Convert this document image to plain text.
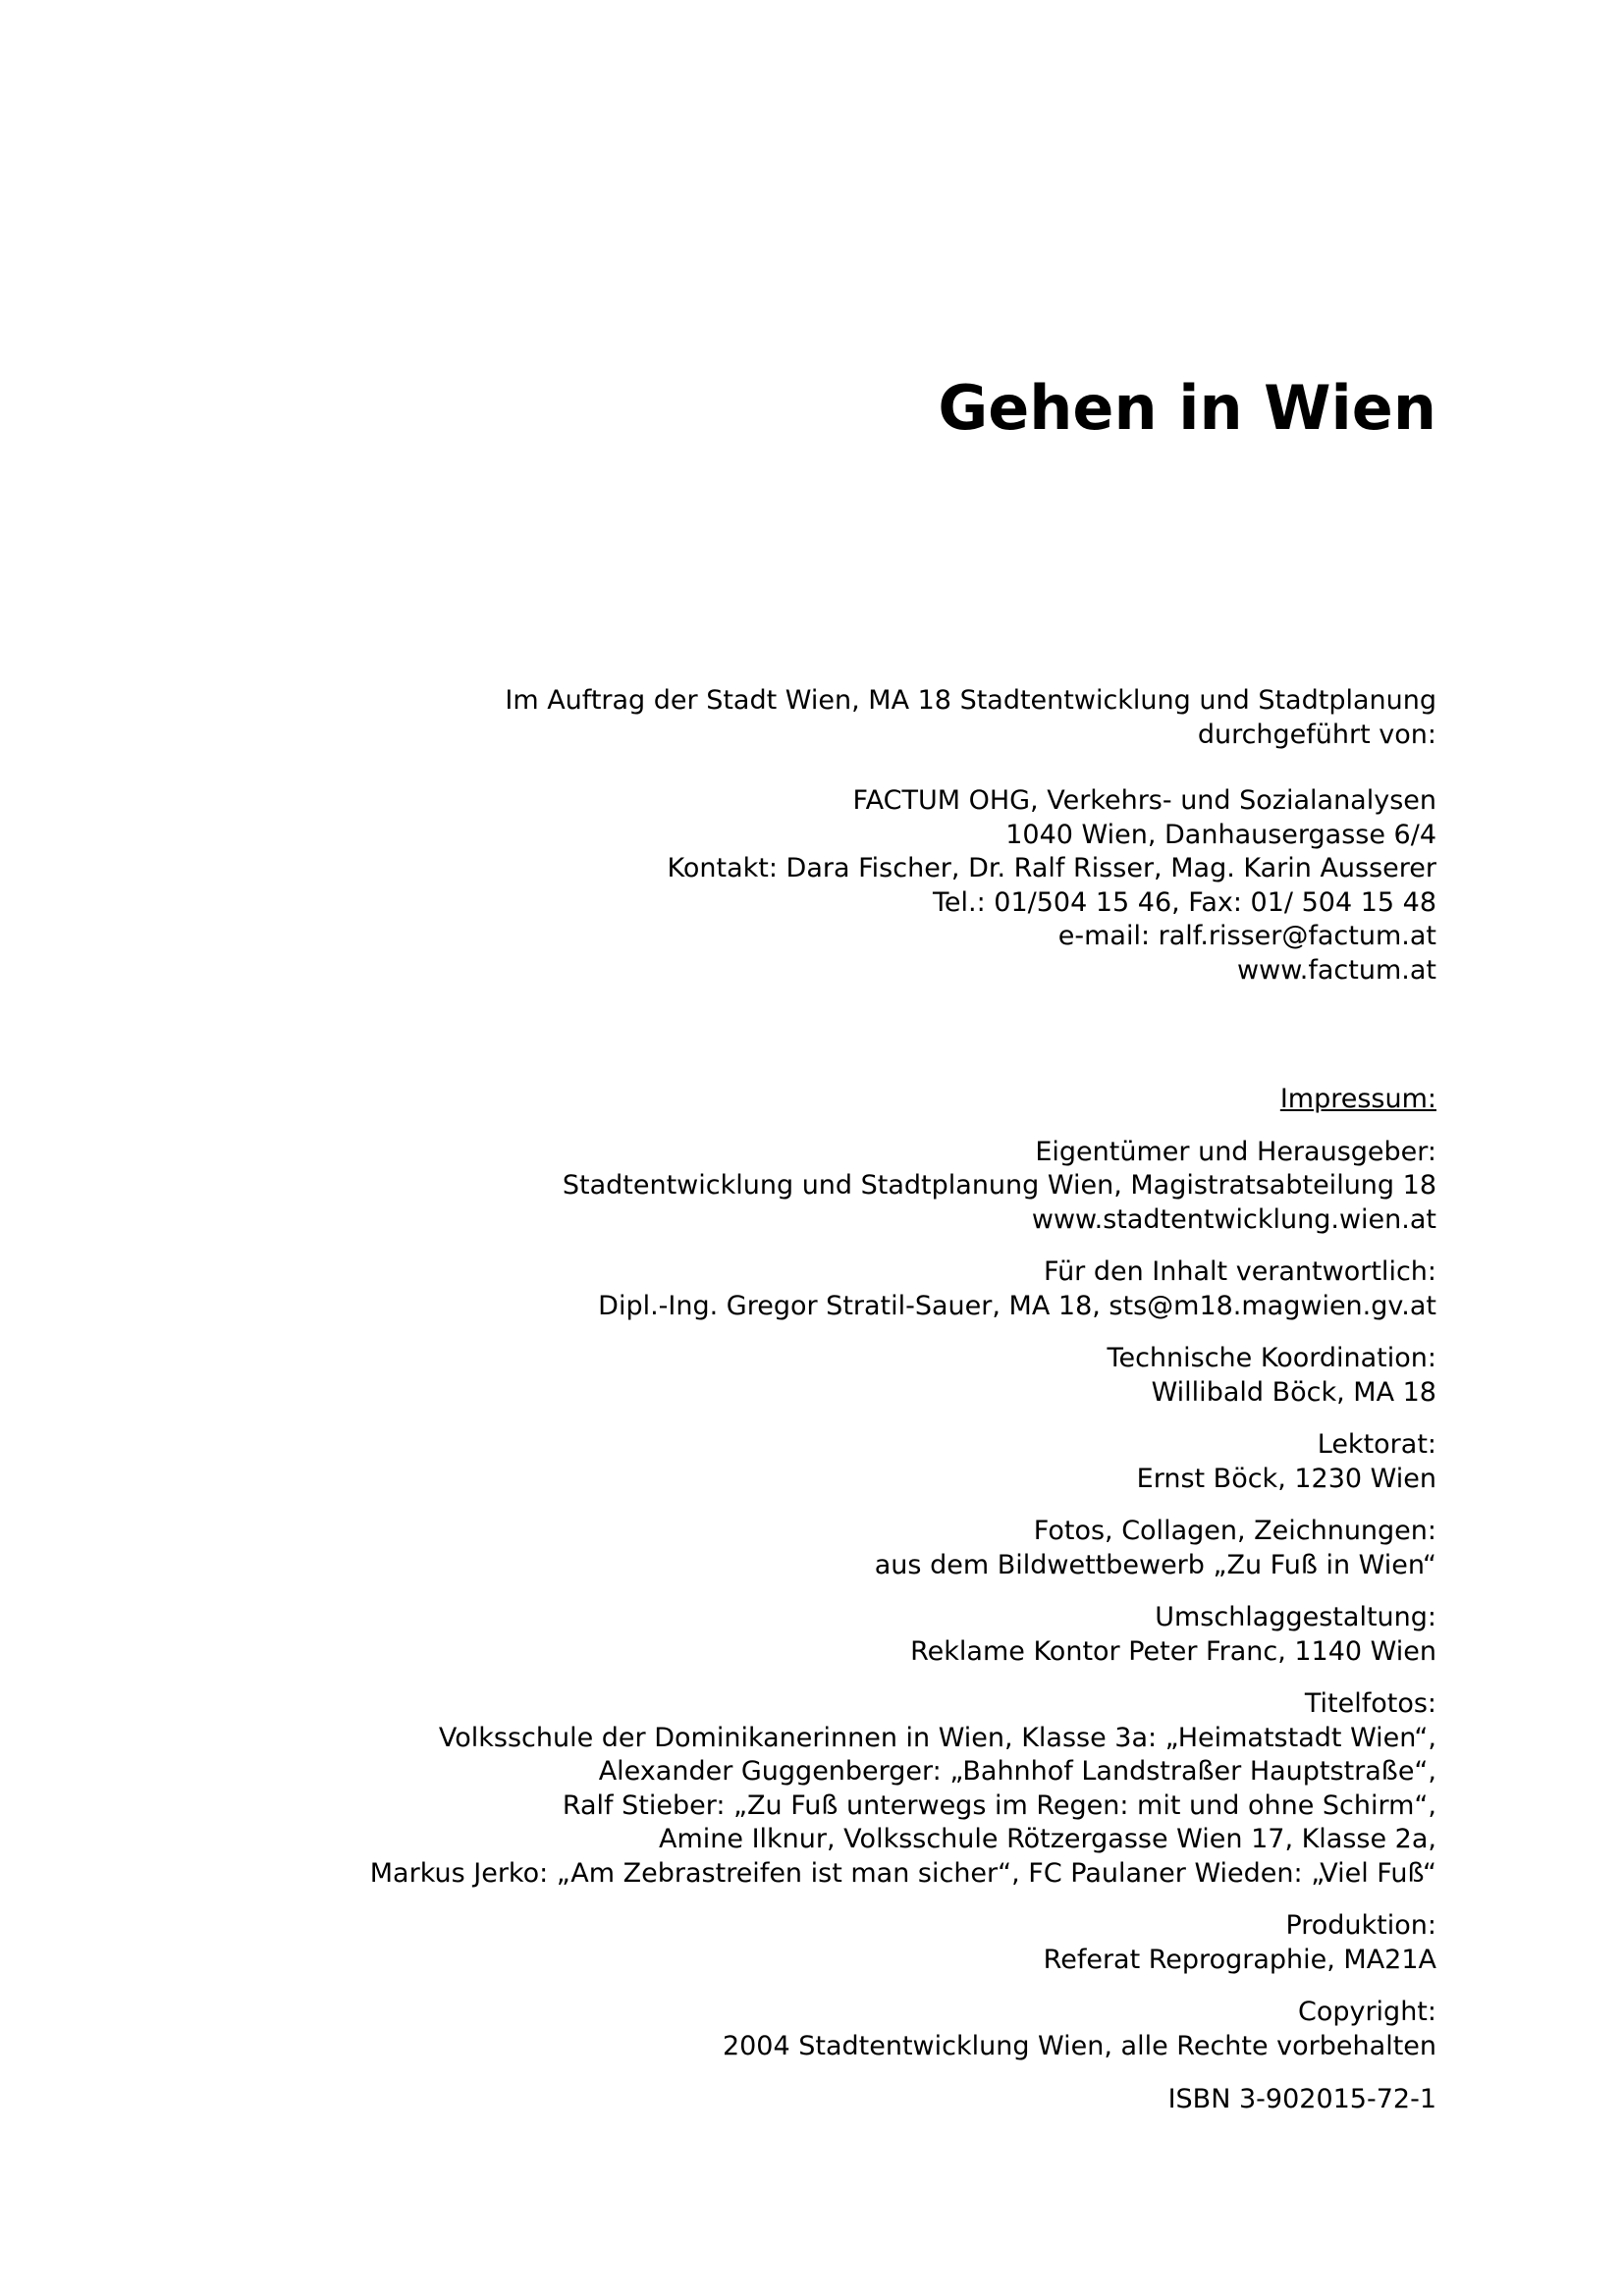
Gehen in Wien
Im Auftrag der Stadt Wien, MA 18 Stadtentwicklung und Stadtplanung
durchgeführt von:
FACTUM OHG, Verkehrs- und Sozialanalysen
1040 Wien, Danhausergasse 6/4
Kontakt: Dara Fischer, Dr. Ralf Risser, Mag. Karin Ausserer
Tel.: 01/504 15 46, Fax: 01/ 504 15 48
e-mail: ralf.risser@factum.at
www.factum.at
Impressum:
Eigentümer und Herausgeber:
Stadtentwicklung und Stadtplanung Wien, Magistratsabteilung 18
www.stadtentwicklung.wien.at
Für den Inhalt verantwortlich:
Dipl.-Ing. Gregor Stratil-Sauer, MA 18, sts@m18.magwien.gv.at
Technische Koordination:
Willibald Böck, MA 18
Lektorat:
Ernst Böck, 1230 Wien
Fotos, Collagen, Zeichnungen:
aus dem Bildwettbewerb „Zu Fuß in Wien“
Umschlaggestaltung:
Reklame Kontor Peter Franc, 1140 Wien
Titelfotos:
Volksschule der Dominikanerinnen in Wien, Klasse 3a: „Heimatstadt Wien“,
Alexander Guggenberger: „Bahnhof Landstraßer Hauptstraße“,
Ralf Stieber: „Zu Fuß unterwegs im Regen: mit und ohne Schirm“,
Amine Ilknur, Volksschule Rötzergasse Wien 17, Klasse 2a,
Markus Jerko: „Am Zebrastreifen ist man sicher“, FC Paulaner Wieden: „Viel Fuß“
Produktion:
Referat Reprographie, MA21A
Copyright:
2004 Stadtentwicklung Wien, alle Rechte vorbehalten
ISBN 3-902015-72-1
